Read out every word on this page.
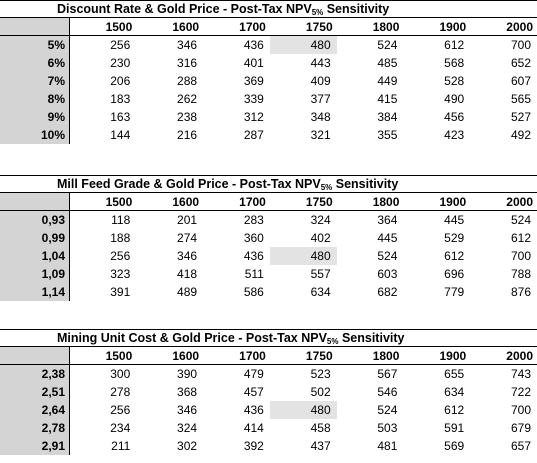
Discount Rate & Gold Price - Post-Tax $NPV_{5\%}$ Sensitivity
	1500	1600	1700	1750	1800	1900	2000
5%	256	346	436	480	524	612	700
6%	230	316	401	443	485	568	652
7%	206	288	369	409	449	528	607
8%	183	262	339	377	415	490	565
9%	163	238	312	348	384	456	527
10%	144	216	287	321	355	423	492
Mill Feed Grade & Gold Price - Post-Tax $NPV_{5\%}$ Sensitivity
	1500	1600	1700	1750	1800	1900	2000
0,93	118	201	283	324	364	445	524
0,99	188	274	360	402	445	529	612
1,04	256	346	436	480	524	612	700
1,09	323	418	511	557	603	696	788
1,14	391	489	586	634	682	779	876
Mining Unit Cost & Gold Price - Post-Tax $NPV_{5\%}$ Sensitivity
	1500	1600	1700	1750	1800	1900	2000
2,38	300	390	479	523	567	655	743
2,51	278	368	457	502	546	634	722
2,64	256	346	436	480	524	612	700
2,78	234	324	414	458	503	591	679
2,91	211	302	392	437	481	569	657
